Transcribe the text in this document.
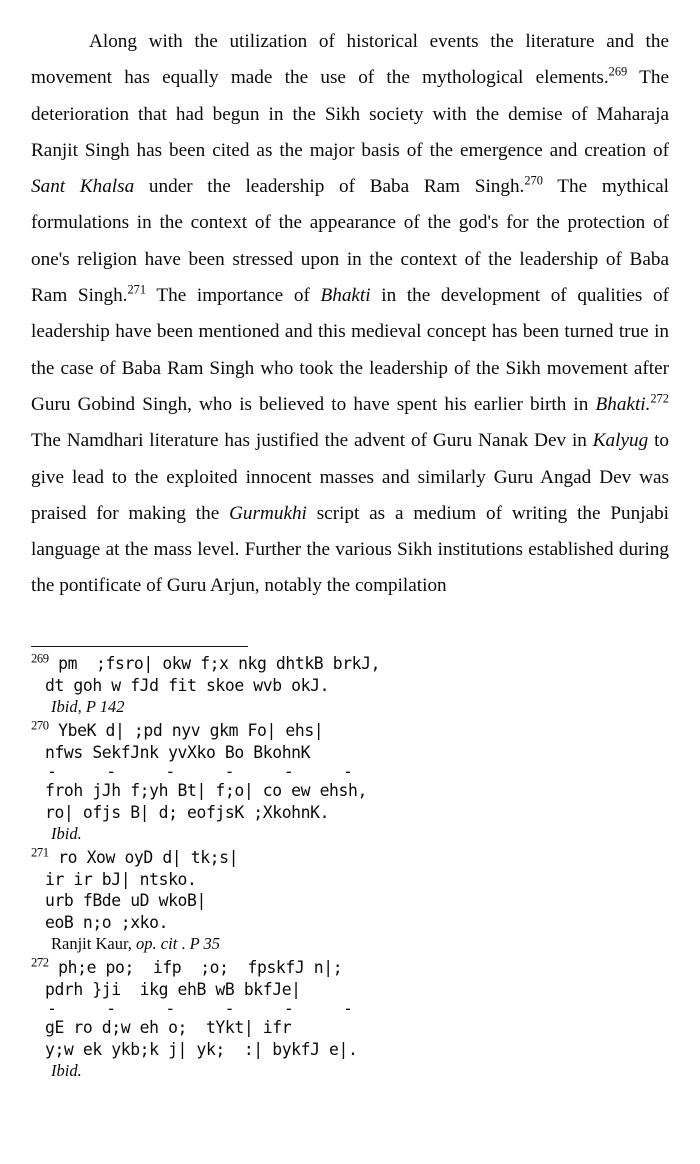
Along with the utilization of historical events the literature and the movement has equally made the use of the mythological elements.$^{269}$ The deterioration that had begun in the Sikh society with the demise of Maharaja Ranjit Singh has been cited as the major basis of the emergence and creation of Sant Khalsa under the leadership of Baba Ram Singh.$^{270}$ The mythical formulations in the context of the appearance of the god's for the protection of one's religion have been stressed upon in the context of the leadership of Baba Ram Singh.$^{271}$ The importance of Bhakti in the development of qualities of leadership have been mentioned and this medieval concept has been turned true in the case of Baba Ram Singh who took the leadership of the Sikh movement after Guru Gobind Singh, who is believed to have spent his earlier birth in Bhakti.$^{272}$ The Namdhari literature has justified the advent of Guru Nanak Dev in Kalyug to give lead to the exploited innocent masses and similarly Guru Angad Dev was praised for making the Gurmukhi script as a medium of writing the Punjabi language at the mass level. Further the various Sikh institutions established during the pontificate of Guru Arjun, notably the compilation

$^{269}$ pm  ;fsro| okw f;x nkg dhtkB brkJ,
dt goh w fJd fit skoe wvb okJ.
Ibid, P 142
$^{270}$ YbeK d| ;pd nyv gkm Fo| ehs|
nfws SekfJnk yvXko Bo BkohnK
-     -     -     -     -     -
froh jJh f;yh Bt| f;o| co ew ehsh,
ro| ofjs B| d; eofjsK ;XkohnK.
Ibid.
$^{271}$ ro Xow oyD d| tk;s|
ir ir bJ| ntsko.
urb fBde uD wkoB|
eoB n;o ;xko.
Ranjit Kaur, op. cit . P 35
$^{272}$ ph;e po;  ifp  ;o;  fpskfJ n|;
pdrh }ji  ikg ehB wB bkfJe|
-     -     -     -     -     -
gE ro d;w eh o;  tYkt| ifr
y;w ek ykb;k j| yk;  :| bykfJ e|.
Ibid.
